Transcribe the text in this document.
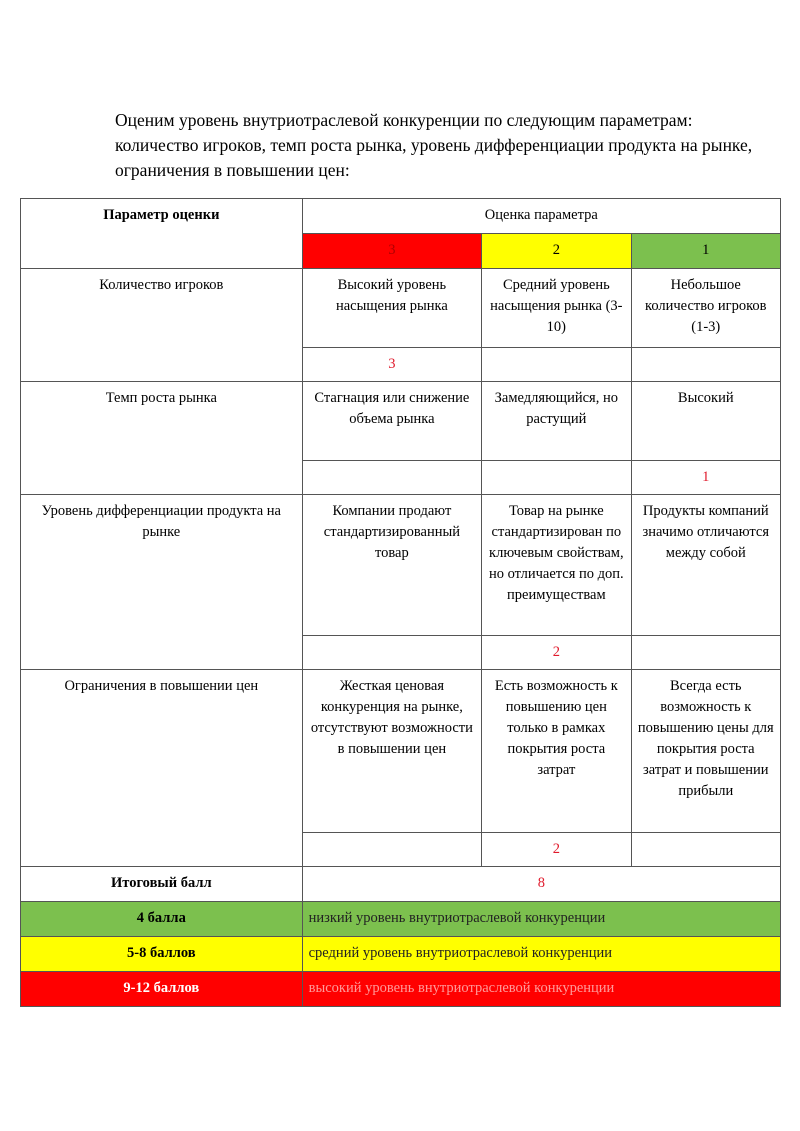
Оценим уровень внутриотраслевой конкуренции по следующим параметрам: количество игроков, темп роста рынка, уровень дифференциации продукта на рынке, ограничения в повышении цен:
Параметр оценки	Оценка параметра		
	3	2	1
Количество игроков	Высокий уровень насыщения рынка	Средний уровень насыщения рынка (3-10)	Небольшое количество игроков (1-3)
	3		
Темп роста рынка	Стагнация или снижение объема рынка	Замедляющийся, но растущий	Высокий
			1
Уровень дифференциации продукта на рынке	Компании продают стандартизированный товар	Товар на рынке стандартизирован по ключевым свойствам, но отличается по доп. преимуществам	Продукты компаний значимо отличаются между собой
		2	
Ограничения в повышении цен	Жесткая ценовая конкуренция на рынке, отсутствуют возможности в повышении цен	Есть возможность к повышению цен только в рамках покрытия роста затрат	Всегда есть возможность к повышению цены для покрытия роста затрат и повышении прибыли
		2	
Итоговый балл	8		
4 балла	низкий уровень внутриотраслевой конкуренции		
5-8 баллов	средний уровень внутриотраслевой конкуренции		
9-12 баллов	высокий уровень внутриотраслевой конкуренции		
